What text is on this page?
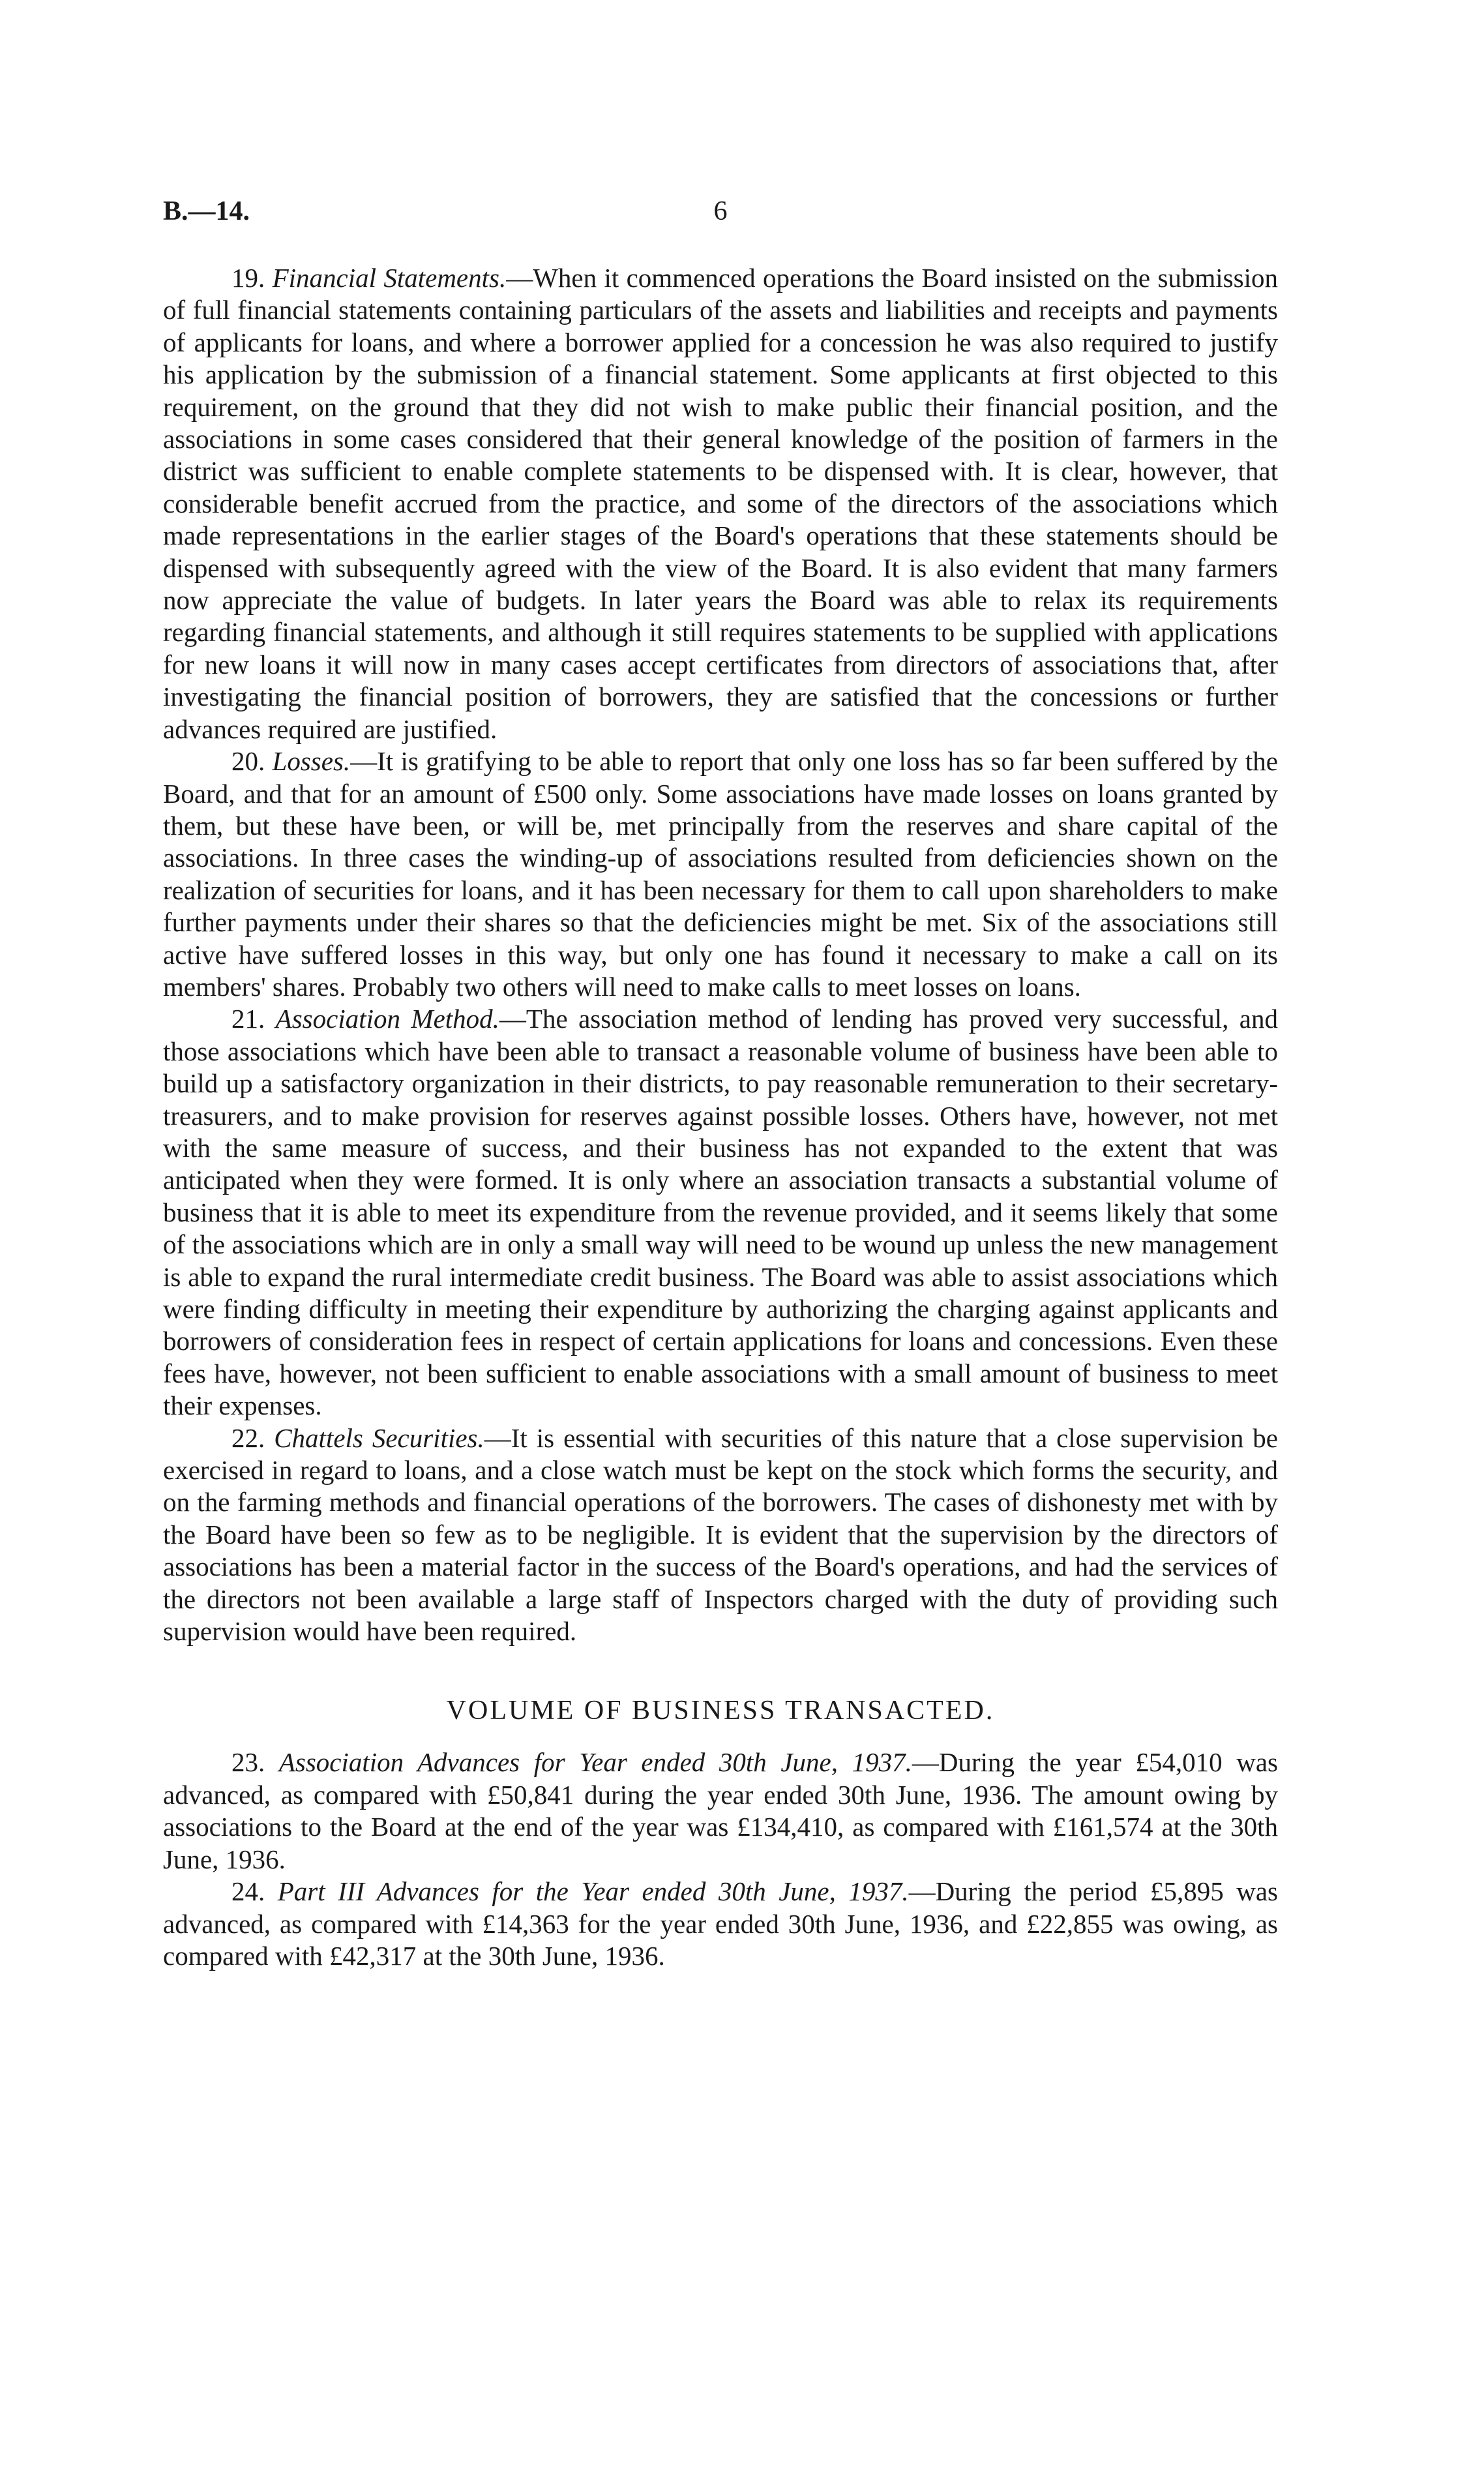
B.—14.	6

19. Financial Statements.—When it commenced operations the Board insisted on the submission of full financial statements containing particulars of the assets and liabilities and receipts and payments of applicants for loans, and where a borrower applied for a concession he was also required to justify his application by the submission of a financial statement. Some applicants at first objected to this requirement, on the ground that they did not wish to make public their financial position, and the associations in some cases considered that their general knowledge of the position of farmers in the district was sufficient to enable complete statements to be dispensed with. It is clear, however, that considerable benefit accrued from the practice, and some of the directors of the associations which made representations in the earlier stages of the Board's operations that these statements should be dispensed with subsequently agreed with the view of the Board. It is also evident that many farmers now appreciate the value of budgets. In later years the Board was able to relax its requirements regarding financial statements, and although it still requires statements to be supplied with applications for new loans it will now in many cases accept certificates from directors of associations that, after investigating the financial position of borrowers, they are satisfied that the concessions or further advances required are justified.

20. Losses.—It is gratifying to be able to report that only one loss has so far been suffered by the Board, and that for an amount of £500 only. Some associations have made losses on loans granted by them, but these have been, or will be, met principally from the reserves and share capital of the associations. In three cases the winding-up of associations resulted from deficiencies shown on the realization of securities for loans, and it has been necessary for them to call upon shareholders to make further payments under their shares so that the deficiencies might be met. Six of the associations still active have suffered losses in this way, but only one has found it necessary to make a call on its members' shares. Probably two others will need to make calls to meet losses on loans.

21. Association Method.—The association method of lending has proved very successful, and those associations which have been able to transact a reasonable volume of business have been able to build up a satisfactory organization in their districts, to pay reasonable remuneration to their secretary-treasurers, and to make provision for reserves against possible losses. Others have, however, not met with the same measure of success, and their business has not expanded to the extent that was anticipated when they were formed. It is only where an association transacts a substantial volume of business that it is able to meet its expenditure from the revenue provided, and it seems likely that some of the associations which are in only a small way will need to be wound up unless the new management is able to expand the rural intermediate credit business. The Board was able to assist associations which were finding difficulty in meeting their expenditure by authorizing the charging against applicants and borrowers of consideration fees in respect of certain applications for loans and concessions. Even these fees have, however, not been sufficient to enable associations with a small amount of business to meet their expenses.

22. Chattels Securities.—It is essential with securities of this nature that a close supervision be exercised in regard to loans, and a close watch must be kept on the stock which forms the security, and on the farming methods and financial operations of the borrowers. The cases of dishonesty met with by the Board have been so few as to be negligible. It is evident that the supervision by the directors of associations has been a material factor in the success of the Board's operations, and had the services of the directors not been available a large staff of Inspectors charged with the duty of providing such supervision would have been required.

VOLUME OF BUSINESS TRANSACTED.

23. Association Advances for Year ended 30th June, 1937.—During the year £54,010 was advanced, as compared with £50,841 during the year ended 30th June, 1936. The amount owing by associations to the Board at the end of the year was £134,410, as compared with £161,574 at the 30th June, 1936.

24. Part III Advances for the Year ended 30th June, 1937.—During the period £5,895 was advanced, as compared with £14,363 for the year ended 30th June, 1936, and £22,855 was owing, as compared with £42,317 at the 30th June, 1936.
